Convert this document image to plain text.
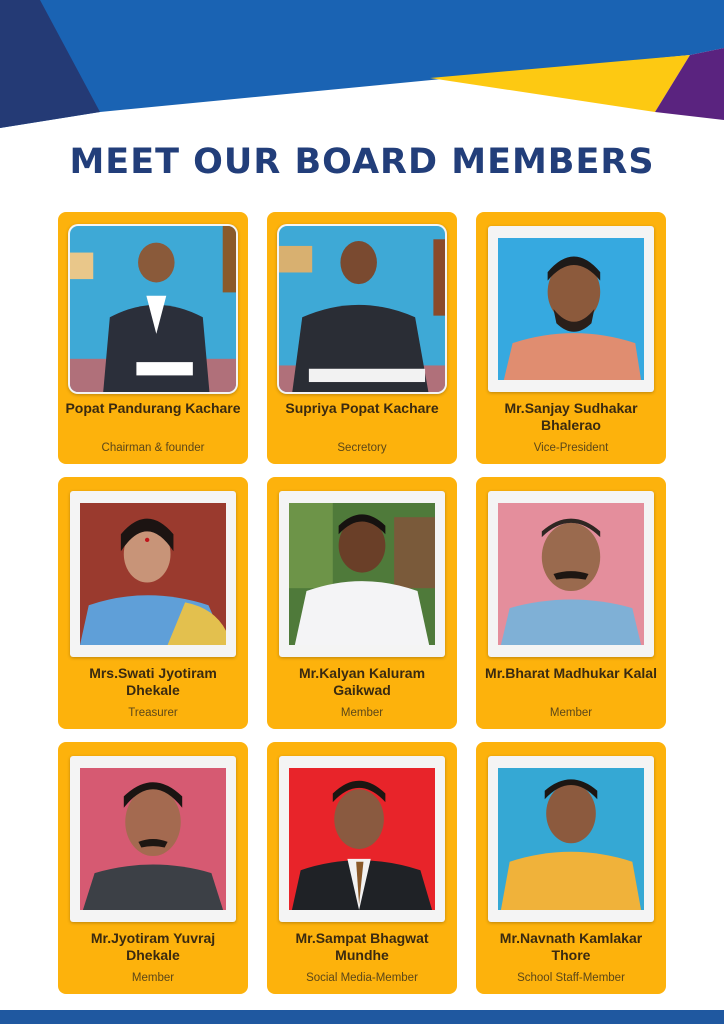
MEET OUR BOARD MEMBERS
Popat Pandurang Kachare
Chairman & founder
Supriya Popat Kachare
Secretory
Mr.Sanjay Sudhakar Bhalerao
Vice-President
Mrs.Swati Jyotiram Dhekale
Treasurer
Mr.Kalyan Kaluram Gaikwad
Member
Mr.Bharat Madhukar Kalal
Member
Mr.Jyotiram Yuvraj Dhekale
Member
Mr.Sampat Bhagwat Mundhe
Social Media-Member
Mr.Navnath Kamlakar Thore
School Staff-Member
